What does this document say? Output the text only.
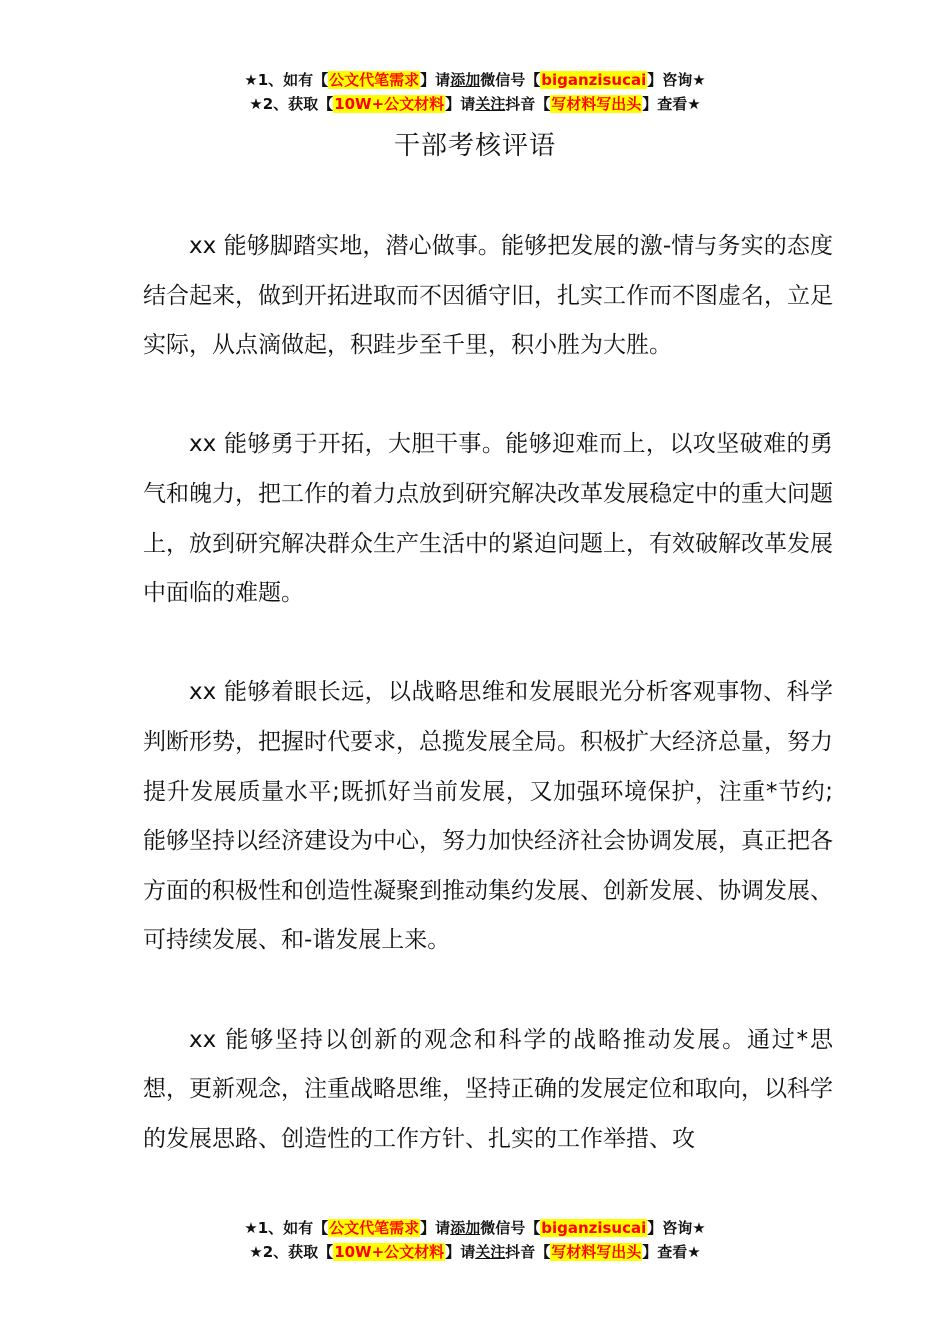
★1、如有【公文代笔需求】请添加微信号【biganzisucai】咨询★
★2、获取【10W+公文材料】请关注抖音【写材料写出头】查看★
干部考核评语

xx 能够脚踏实地，潜心做事。能够把发展的激-情与务实的态度结合起来，做到开拓进取而不因循守旧，扎实工作而不图虚名，立足实际，从点滴做起，积跬步至千里，积小胜为大胜。

xx 能够勇于开拓，大胆干事。能够迎难而上，以攻坚破难的勇气和魄力，把工作的着力点放到研究解决改革发展稳定中的重大问题上，放到研究解决群众生产生活中的紧迫问题上，有效破解改革发展中面临的难题。

xx 能够着眼长远，以战略思维和发展眼光分析客观事物、科学判断形势，把握时代要求，总揽发展全局。积极扩大经济总量，努力提升发展质量水平;既抓好当前发展，又加强环境保护，注重*节约;能够坚持以经济建设为中心，努力加快经济社会协调发展，真正把各方面的积极性和创造性凝聚到推动集约发展、创新发展、协调发展、可持续发展、和-谐发展上来。

xx 能够坚持以创新的观念和科学的战略推动发展。通过*思想，更新观念，注重战略思维，坚持正确的发展定位和取向，以科学的发展思路、创造性的工作方针、扎实的工作举措、攻

★1、如有【公文代笔需求】请添加微信号【biganzisucai】咨询★
★2、获取【10W+公文材料】请关注抖音【写材料写出头】查看★
